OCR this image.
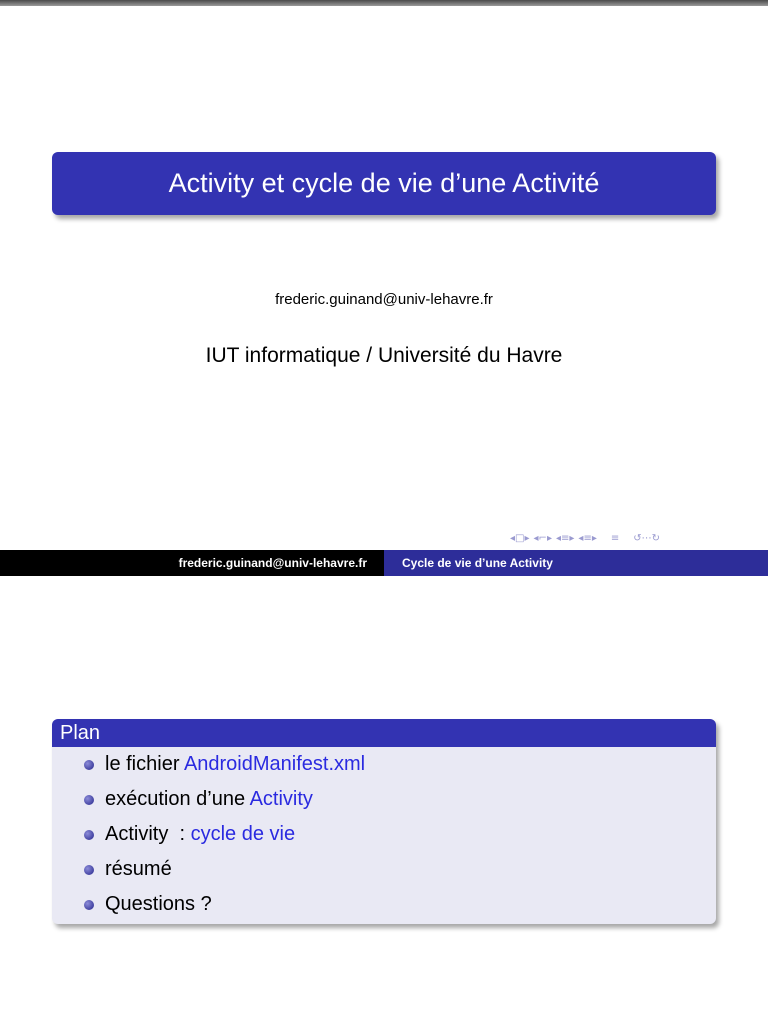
Activity et cycle de vie d’une Activité
frederic.guinand@univ-lehavre.fr
IUT informatique / Université du Havre
◂ □ ▸ ◂ ⌐ ▸ ◂ ≡ ▸ ◂ ≡ ▸ ≡ ↺⋯↻
frederic.guinand@univ-lehavre.fr	Cycle de vie d’une Activity
Plan
le fichier AndroidManifest.xml
exécution d’une Activity
Activity  : cycle de vie
résumé
Questions ?
